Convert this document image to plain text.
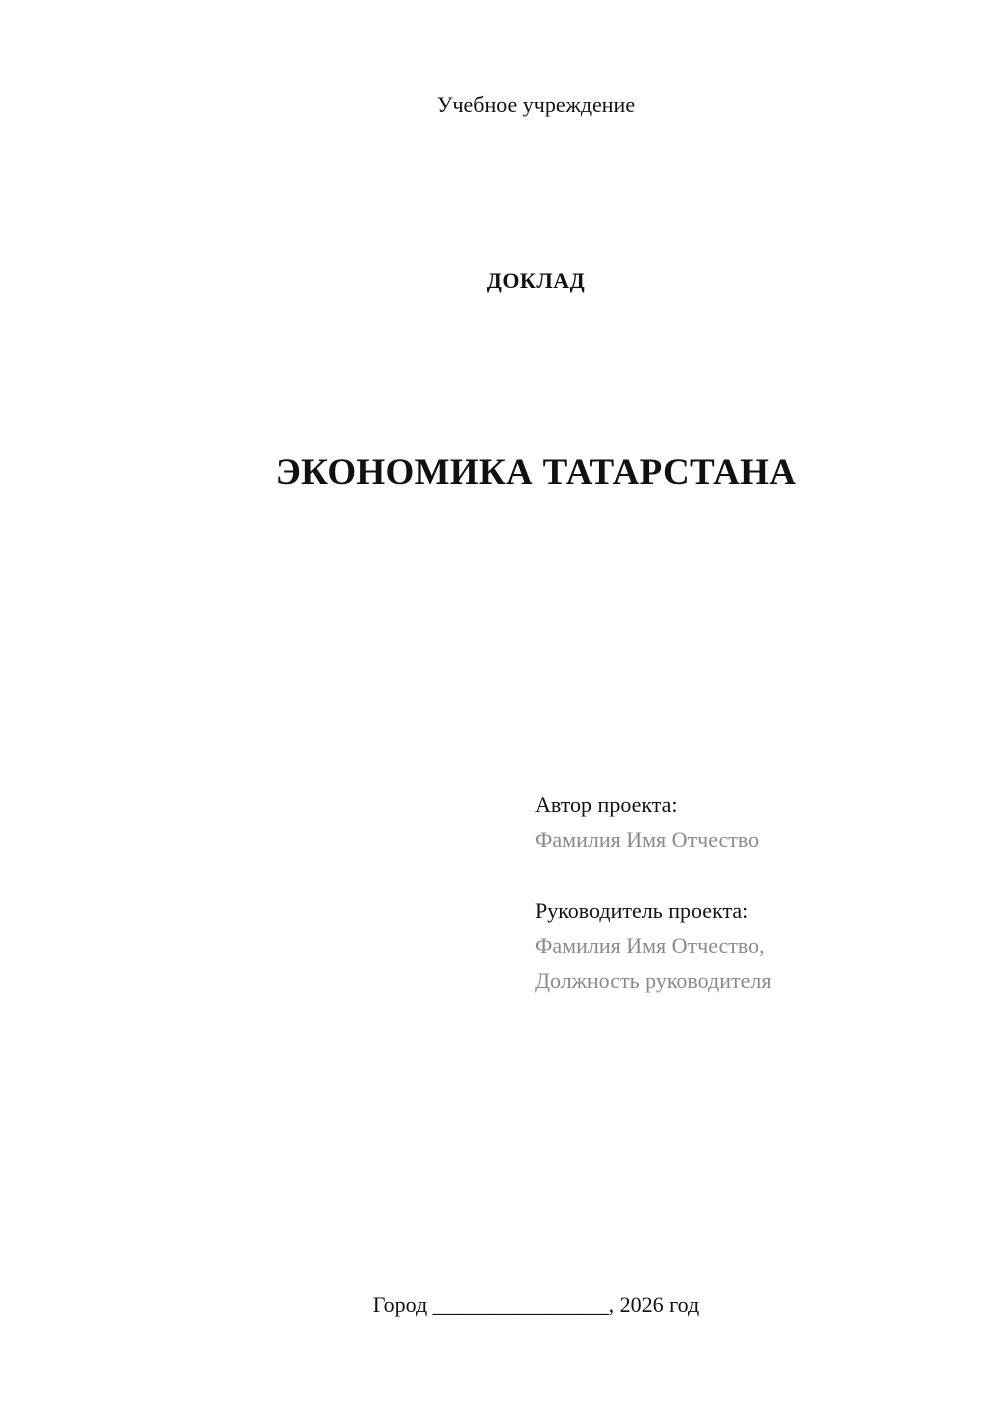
Учебное учреждение
ДОКЛАД
ЭКОНОМИКА ТАТАРСТАНА
Автор проекта:
Фамилия Имя Отчество
Руководитель проекта:
Фамилия Имя Отчество,
Должность руководителя
Город ________________, 2026 год
